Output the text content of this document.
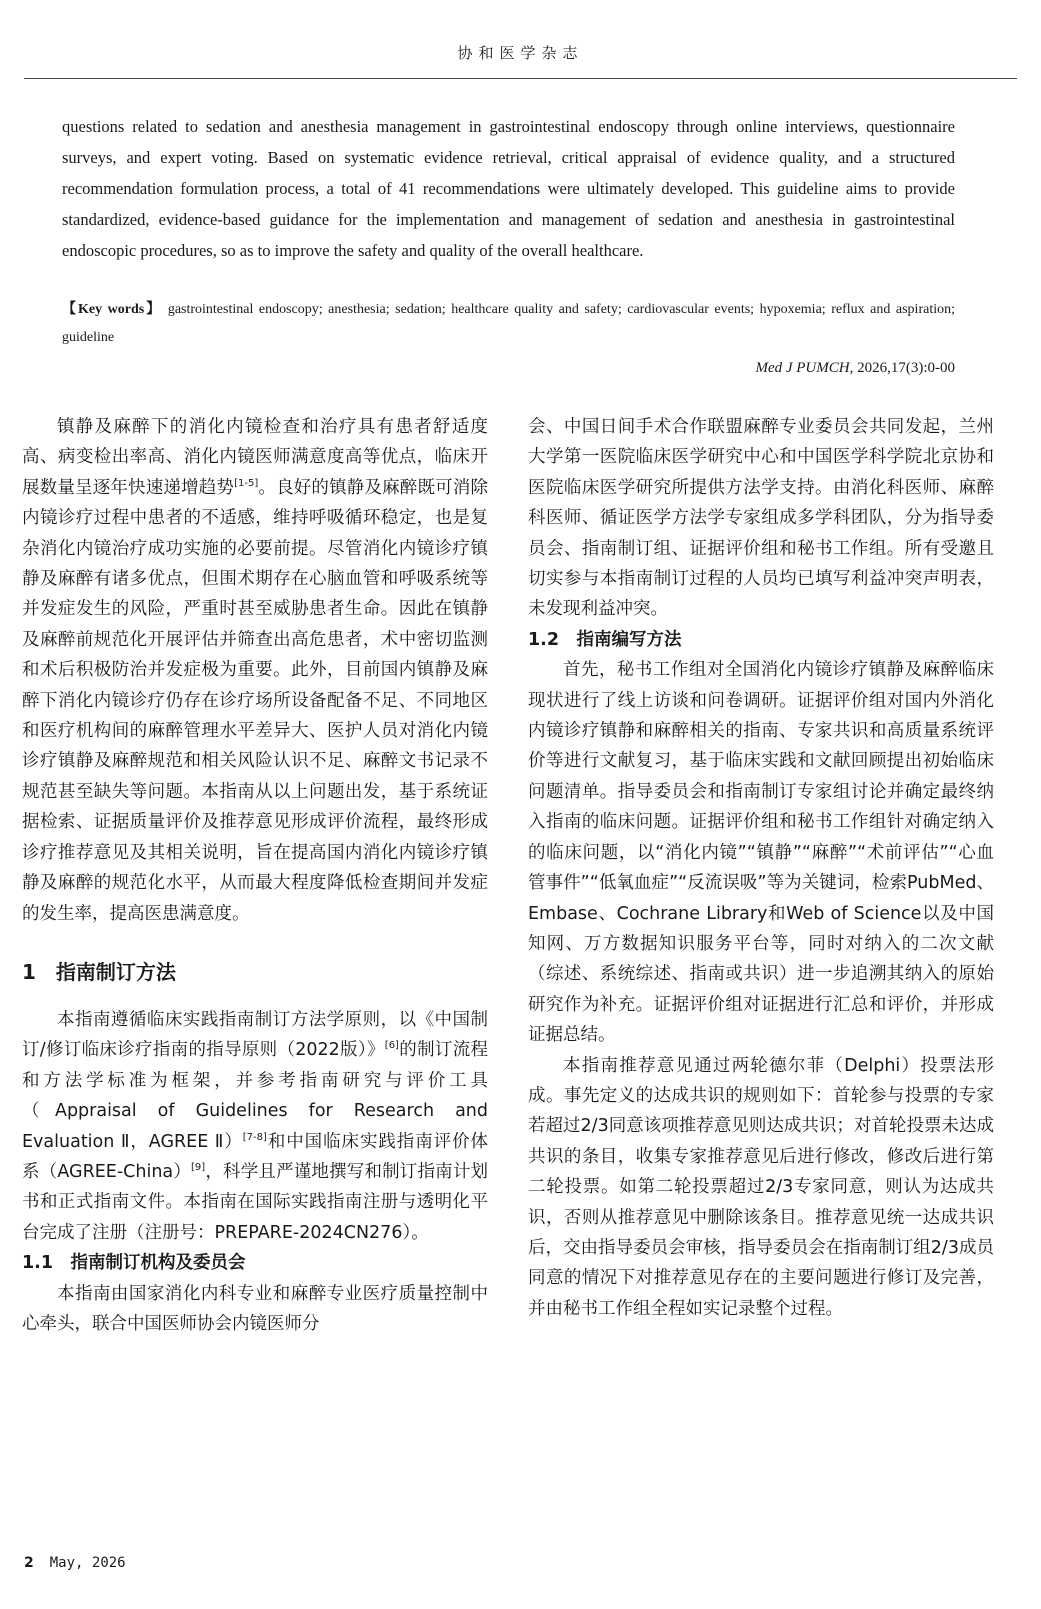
协和医学杂志
questions related to sedation and anesthesia management in gastrointestinal endoscopy through online interviews, questionnaire surveys, and expert voting. Based on systematic evidence retrieval, critical appraisal of evidence quality, and a structured recommendation formulation process, a total of 41 recommendations were ultimately developed. This guideline aims to provide standardized, evidence-based guidance for the implementation and management of sedation and anesthesia in gastrointestinal endoscopic procedures, so as to improve the safety and quality of the overall healthcare.
【Key words】 gastrointestinal endoscopy; anesthesia; sedation; healthcare quality and safety; cardiovascular events; hypoxemia; reflux and aspiration; guideline
Med J PUMCH, 2026,17(3):0-00

镇静及麻醉下的消化内镜检查和治疗具有患者舒适度高、病变检出率高、消化内镜医师满意度高等优点，临床开展数量呈逐年快速递增趋势[1-5]。良好的镇静及麻醉既可消除内镜诊疗过程中患者的不适感，维持呼吸循环稳定，也是复杂消化内镜治疗成功实施的必要前提。尽管消化内镜诊疗镇静及麻醉有诸多优点，但围术期存在心脑血管和呼吸系统等并发症发生的风险，严重时甚至威胁患者生命。因此在镇静及麻醉前规范化开展评估并筛查出高危患者，术中密切监测和术后积极防治并发症极为重要。此外，目前国内镇静及麻醉下消化内镜诊疗仍存在诊疗场所设备配备不足、不同地区和医疗机构间的麻醉管理水平差异大、医护人员对消化内镜诊疗镇静及麻醉规范和相关风险认识不足、麻醉文书记录不规范甚至缺失等问题。本指南从以上问题出发，基于系统证据检索、证据质量评价及推荐意见形成评价流程，最终形成诊疗推荐意见及其相关说明，旨在提高国内消化内镜诊疗镇静及麻醉的规范化水平，从而最大程度降低检查期间并发症的发生率，提高医患满意度。

1　指南制订方法

本指南遵循临床实践指南制订方法学原则，以《中国制订/修订临床诊疗指南的指导原则（2022版）》[6]的制订流程和方法学标准为框架，并参考指南研究与评价工具（Appraisal of Guidelines for Research and Evaluation Ⅱ，AGREE Ⅱ）[7-8]和中国临床实践指南评价体系（AGREE-China）[9]，科学且严谨地撰写和制订指南计划书和正式指南文件。本指南在国际实践指南注册与透明化平台完成了注册（注册号：PREPARE-2024CN276）。

1.1　指南制订机构及委员会

本指南由国家消化内科专业和麻醉专业医疗质量控制中心牵头，联合中国医师协会内镜医师分

会、中国日间手术合作联盟麻醉专业委员会共同发起，兰州大学第一医院临床医学研究中心和中国医学科学院北京协和医院临床医学研究所提供方法学支持。由消化科医师、麻醉科医师、循证医学方法学专家组成多学科团队，分为指导委员会、指南制订组、证据评价组和秘书工作组。所有受邀且切实参与本指南制订过程的人员均已填写利益冲突声明表，未发现利益冲突。

1.2　指南编写方法

首先，秘书工作组对全国消化内镜诊疗镇静及麻醉临床现状进行了线上访谈和问卷调研。证据评价组对国内外消化内镜诊疗镇静和麻醉相关的指南、专家共识和高质量系统评价等进行文献复习，基于临床实践和文献回顾提出初始临床问题清单。指导委员会和指南制订专家组讨论并确定最终纳入指南的临床问题。证据评价组和秘书工作组针对确定纳入的临床问题，以“消化内镜”“镇静”“麻醉”“术前评估”“心血管事件”“低氧血症”“反流误吸”等为关键词，检索PubMed、Embase、Cochrane Library和Web of Science以及中国知网、万方数据知识服务平台等，同时对纳入的二次文献（综述、系统综述、指南或共识）进一步追溯其纳入的原始研究作为补充。证据评价组对证据进行汇总和评价，并形成证据总结。

本指南推荐意见通过两轮德尔菲（Delphi）投票法形成。事先定义的达成共识的规则如下：首轮参与投票的专家若超过2/3同意该项推荐意见则达成共识；对首轮投票未达成共识的条目，收集专家推荐意见后进行修改，修改后进行第二轮投票。如第二轮投票超过2/3专家同意，则认为达成共识，否则从推荐意见中删除该条目。推荐意见统一达成共识后，交由指导委员会审核，指导委员会在指南制订组2/3成员同意的情况下对推荐意见存在的主要问题进行修订及完善，并由秘书工作组全程如实记录整个过程。

2 May, 2026
